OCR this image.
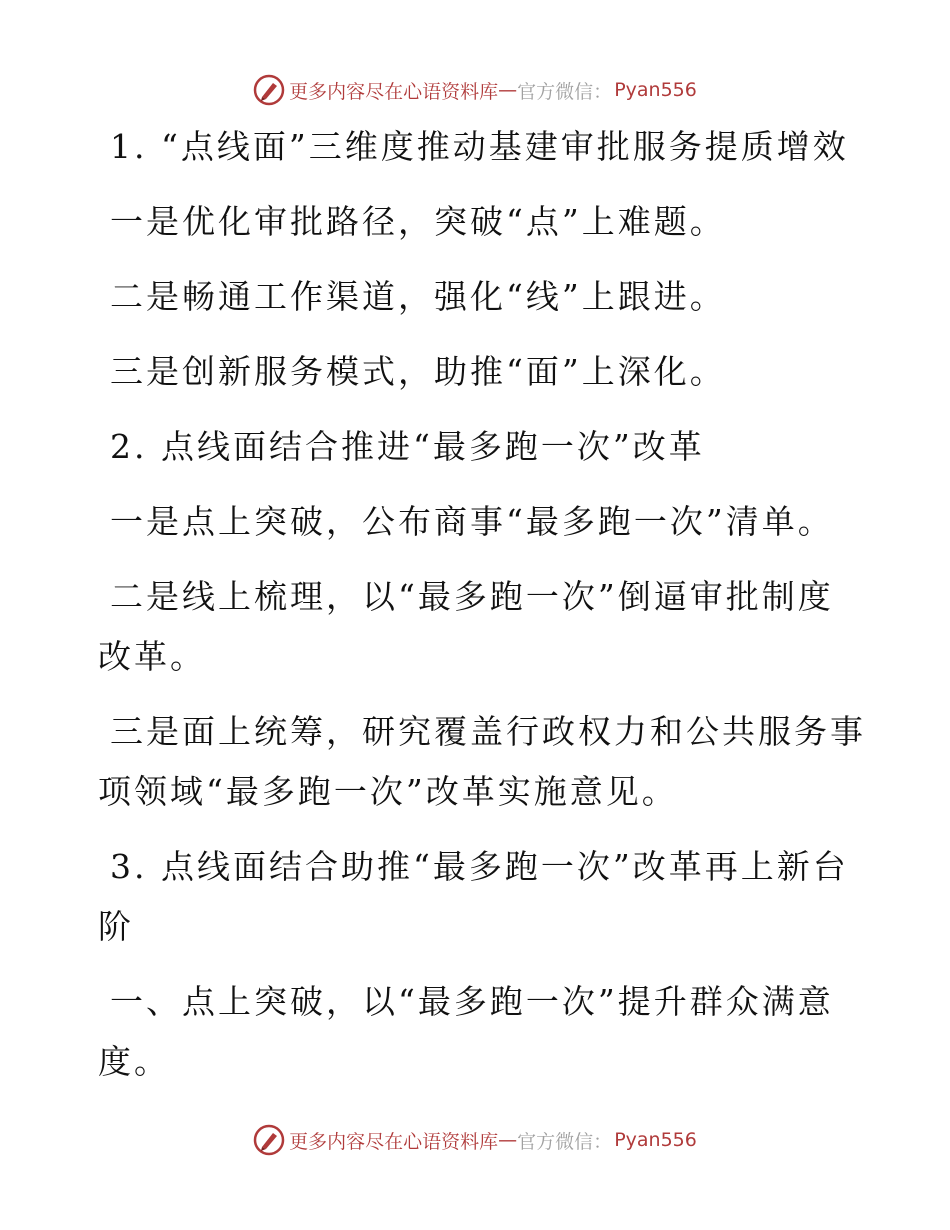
更多内容尽在心语资料库 — 官方微信： Pyan556
1. “点线面”三维度推动基建审批服务提质增效
一是优化审批路径，突破“点”上难题。
二是畅通工作渠道，强化“线”上跟进。
三是创新服务模式，助推“面”上深化。
2. 点线面结合推进“最多跑一次”改革
一是点上突破，公布商事“最多跑一次”清单。
二是线上梳理，以“最多跑一次”倒逼审批制度
改革。
三是面上统筹，研究覆盖行政权力和公共服务事
项领域“最多跑一次”改革实施意见。
3. 点线面结合助推“最多跑一次”改革再上新台
阶
一、点上突破，以“最多跑一次”提升群众满意
度。
更多内容尽在心语资料库 — 官方微信： Pyan556
